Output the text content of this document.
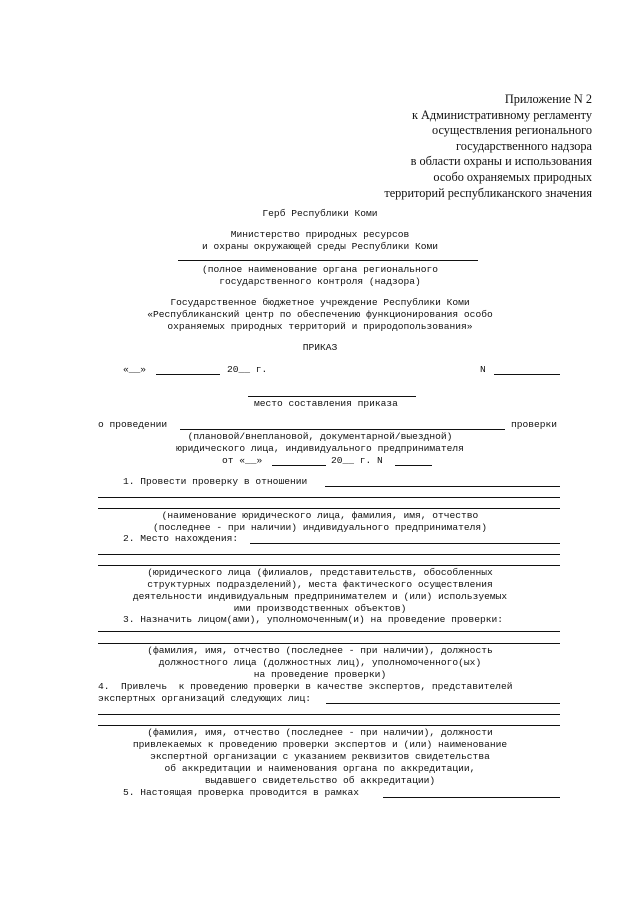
Приложение N 2
к Административному регламенту
осуществления регионального
государственного надзора
в области охраны и использования
особо охраняемых природных
территорий республиканского значения
Герб Республики Коми
Министерство природных ресурсов
и охраны окружающей среды Республики Коми
(полное наименование органа регионального
государственного контроля (надзора)
Государственное бюджетное учреждение Республики Коми
«Республиканский центр по обеспечению функционирования особо
охраняемых природных территорий и природопользования»
ПРИКАЗ
«__»	20__ г.	N
место составления приказа
о проведении	проверки
(плановой/внеплановой, документарной/выездной)
юридического лица, индивидуального предпринимателя
от «__»	20__ г. N
1. Провести проверку в отношении
(наименование юридического лица, фамилия, имя, отчество
(последнее - при наличии) индивидуального предпринимателя)
2. Место нахождения:
(юридического лица (филиалов, представительств, обособленных
структурных подразделений), места фактического осуществления
деятельности индивидуальным предпринимателем и (или) используемых
ими производственных объектов)
3. Назначить лицом(ами), уполномоченным(и) на проведение проверки:
(фамилия, имя, отчество (последнее - при наличии), должность
должностного лица (должностных лиц), уполномоченного(ых)
на проведение проверки)
4.  Привлечь  к проведению проверки в качестве экспертов, представителей
экспертных организаций следующих лиц:
(фамилия, имя, отчество (последнее - при наличии), должности
привлекаемых к проведению проверки экспертов и (или) наименование
экспертной организации с указанием реквизитов свидетельства
об аккредитации и наименования органа по аккредитации,
выдавшего свидетельство об аккредитации)
5. Настоящая проверка проводится в рамках
